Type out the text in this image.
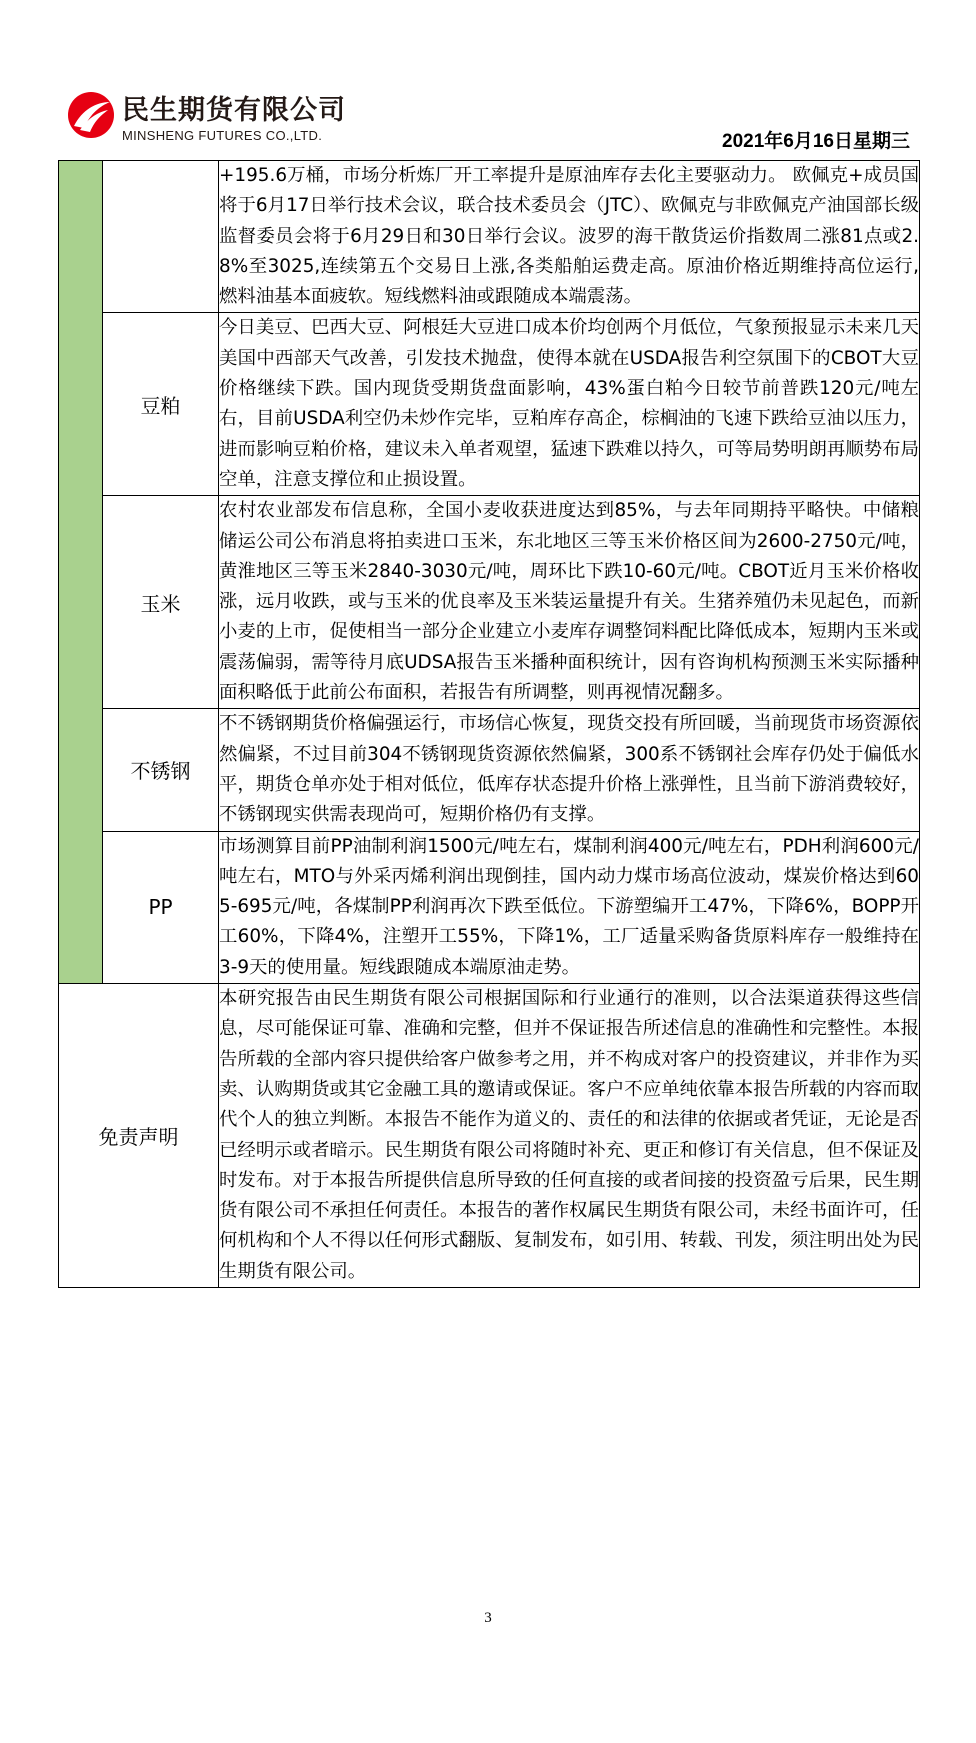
民生期货有限公司
MINSHENG FUTURES CO.,LTD.	2021年6月16日星期三
		+195.6万桶，市场分析炼厂开工率提升是原油库存去化主要驱动力。 欧佩克+成员国将于6月17日举行技术会议，联合技术委员会（JTC）、欧佩克与非欧佩克产油国部长级监督委员会将于6月29日和30日举行会议。波罗的海干散货运价指数周二涨81点或2.8%至3025,连续第五个交易日上涨,各类船舶运费走高。原油价格近期维持高位运行,燃料油基本面疲软。短线燃料油或跟随成本端震荡。
	豆粕	今日美豆、巴西大豆、阿根廷大豆进口成本价均创两个月低位，气象预报显示未来几天美国中西部天气改善，引发技术抛盘，使得本就在USDA报告利空氛围下的CBOT大豆价格继续下跌。国内现货受期货盘面影响，43%蛋白粕今日较节前普跌120元/吨左右，目前USDA利空仍未炒作完毕，豆粕库存高企，棕榈油的飞速下跌给豆油以压力，进而影响豆粕价格，建议未入单者观望，猛速下跌难以持久，可等局势明朗再顺势布局空单，注意支撑位和止损设置。
	玉米	农村农业部发布信息称，全国小麦收获进度达到85%，与去年同期持平略快。中储粮储运公司公布消息将拍卖进口玉米，东北地区三等玉米价格区间为2600-2750元/吨，黄淮地区三等玉米2840-3030元/吨，周环比下跌10-60元/吨。CBOT近月玉米价格收涨，远月收跌，或与玉米的优良率及玉米装运量提升有关。生猪养殖仍未见起色，而新小麦的上市，促使相当一部分企业建立小麦库存调整饲料配比降低成本，短期内玉米或震荡偏弱，需等待月底UDSA报告玉米播种面积统计，因有咨询机构预测玉米实际播种面积略低于此前公布面积，若报告有所调整，则再视情况翻多。
	不锈钢	不不锈钢期货价格偏强运行，市场信心恢复，现货交投有所回暖，当前现货市场资源依然偏紧，不过目前304不锈钢现货资源依然偏紧，300系不锈钢社会库存仍处于偏低水平，期货仓单亦处于相对低位，低库存状态提升价格上涨弹性，且当前下游消费较好，不锈钢现实供需表现尚可，短期价格仍有支撑。
	PP	市场测算目前PP油制利润1500元/吨左右，煤制利润400元/吨左右，PDH利润600元/吨左右，MTO与外采丙烯利润出现倒挂，国内动力煤市场高位波动，煤炭价格达到605-695元/吨，各煤制PP利润再次下跌至低位。下游塑编开工47%，下降6%，BOPP开工60%，下降4%，注塑开工55%，下降1%，工厂适量采购备货原料库存一般维持在3-9天的使用量。短线跟随成本端原油走势。
免责声明		本研究报告由民生期货有限公司根据国际和行业通行的准则，以合法渠道获得这些信息，尽可能保证可靠、准确和完整，但并不保证报告所述信息的准确性和完整性。本报告所载的全部内容只提供给客户做参考之用，并不构成对客户的投资建议，并非作为买卖、认购期货或其它金融工具的邀请或保证。客户不应单纯依靠本报告所载的内容而取代个人的独立判断。本报告不能作为道义的、责任的和法律的依据或者凭证，无论是否已经明示或者暗示。民生期货有限公司将随时补充、更正和修订有关信息，但不保证及时发布。对于本报告所提供信息所导致的任何直接的或者间接的投资盈亏后果，民生期货有限公司不承担任何责任。本报告的著作权属民生期货有限公司，未经书面许可，任何机构和个人不得以任何形式翻版、复制发布，如引用、转载、刊发，须注明出处为民生期货有限公司。
3
